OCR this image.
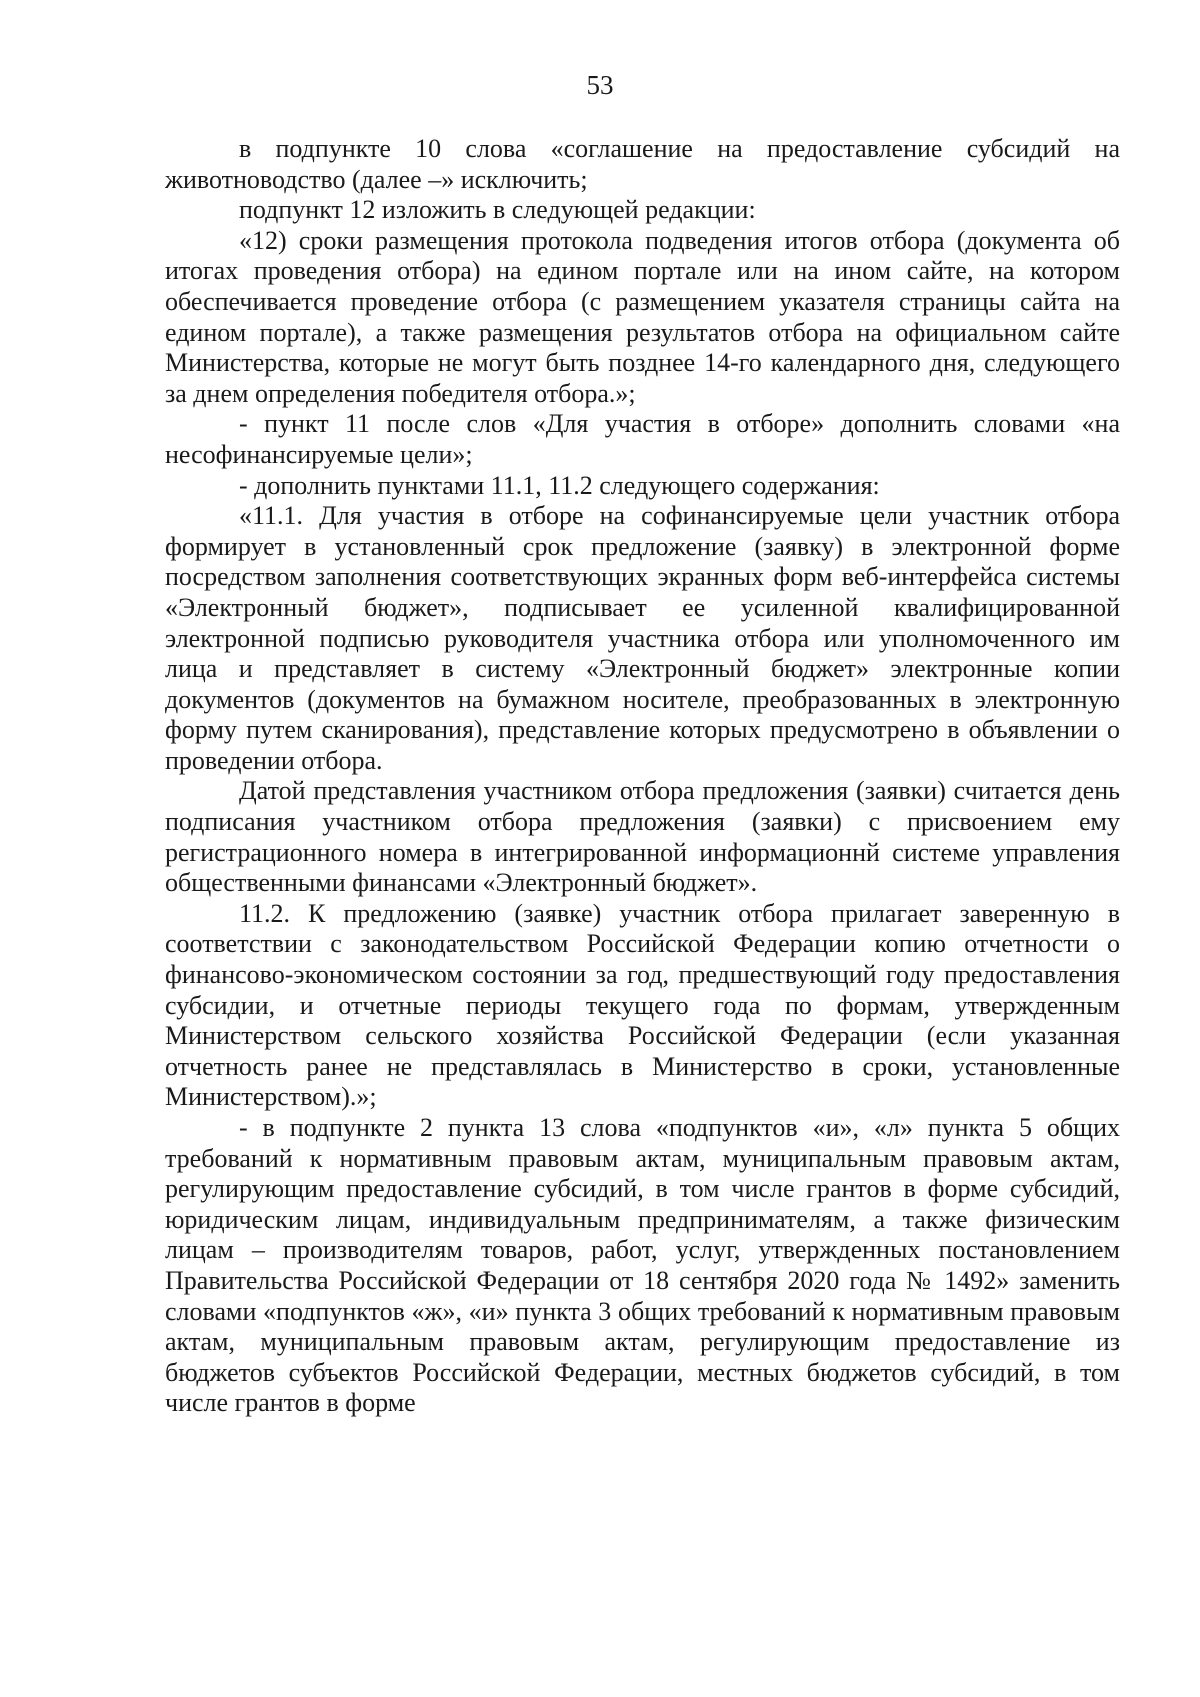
53

в подпункте 10 слова «соглашение на предоставление субсидий на животноводство (далее –» исключить;

подпункт 12 изложить в следующей редакции:

«12) сроки размещения протокола подведения итогов отбора (документа об итогах проведения отбора) на едином портале или на ином сайте, на котором обеспечивается проведение отбора (с размещением указателя страницы сайта на едином портале), а также размещения результатов отбора на официальном сайте Министерства, которые не могут быть позднее 14-го календарного дня, следующего за днем определения победителя отбора.»;

- пункт 11 после слов «Для участия в отборе» дополнить словами «на несофинансируемые цели»;

- дополнить пунктами 11.1, 11.2 следующего содержания:

«11.1. Для участия в отборе на софинансируемые цели участник отбора формирует в установленный срок предложение (заявку) в электронной форме посредством заполнения соответствующих экранных форм веб-интерфейса системы «Электронный бюджет», подписывает ее усиленной квалифицированной электронной подписью руководителя участника отбора или уполномоченного им лица и представляет в систему «Электронный бюджет» электронные копии документов (документов на бумажном носителе, преобразованных в электронную форму путем сканирования), представление которых предусмотрено в объявлении о проведении отбора.

Датой представления участником отбора предложения (заявки) считается день подписания участником отбора предложения (заявки) с присвоением ему регистрационного номера в интегрированной информационнй системе управления общественными финансами «Электронный бюджет».

11.2. К предложению (заявке) участник отбора прилагает заверенную в соответствии с законодательством Российской Федерации копию отчетности о финансово-экономическом состоянии за год, предшествующий году предоставления субсидии, и отчетные периоды текущего года по формам, утвержденным Министерством сельского хозяйства Российской Федерации (если указанная отчетность ранее не представлялась в Министерство в сроки, установленные Министерством).»;

- в подпункте 2 пункта 13 слова «подпунктов «и», «л» пункта 5 общих требований к нормативным правовым актам, муниципальным правовым актам, регулирующим предоставление субсидий, в том числе грантов в форме субсидий, юридическим лицам, индивидуальным предпринимателям, а также физическим лицам – производителям товаров, работ, услуг, утвержденных постановлением Правительства Российской Федерации от 18 сентября 2020 года № 1492» заменить словами «подпунктов «ж», «и» пункта 3 общих требований к нормативным правовым актам, муниципальным правовым актам, регулирующим предоставление из бюджетов субъектов Российской Федерации, местных бюджетов субсидий, в том числе грантов в форме
